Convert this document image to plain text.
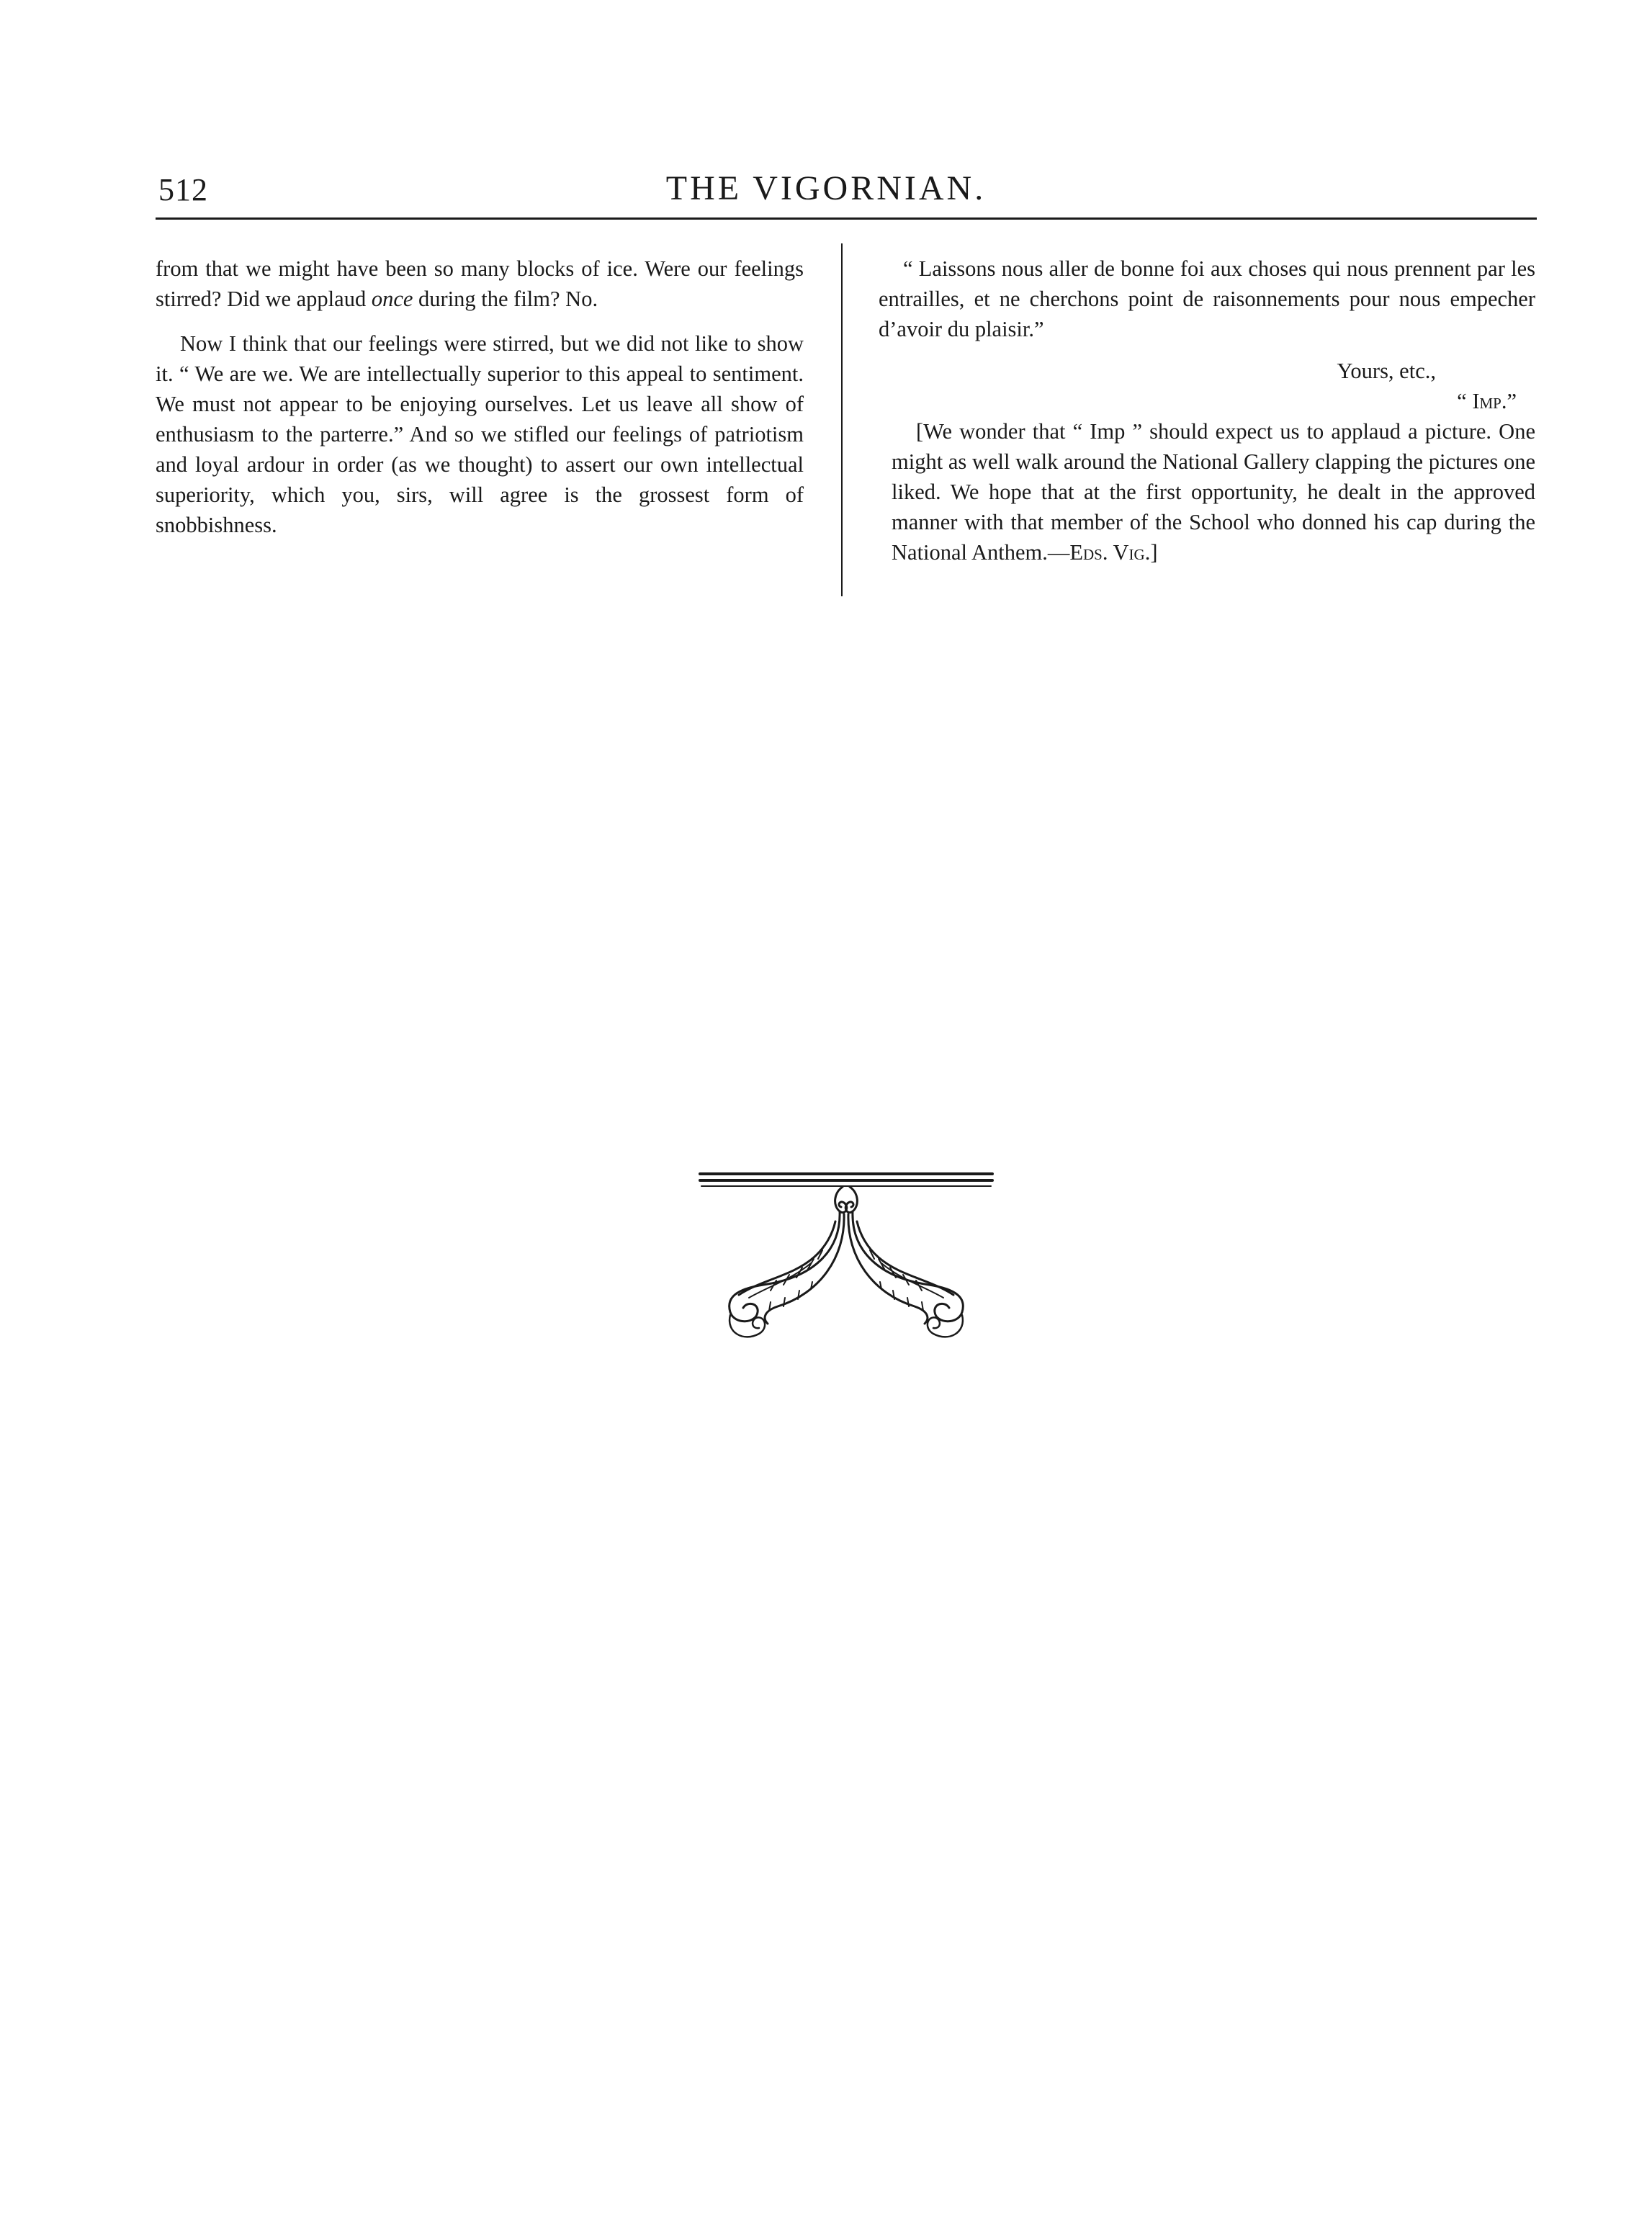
512	THE VIGORNIAN.

from that we might have been so many blocks of ice. Were our feelings stirred? Did we applaud once during the film? No.

Now I think that our feelings were stirred, but we did not like to show it. “ We are we. We are intellectually superior to this appeal to sentiment. We must not appear to be enjoying ourselves. Let us leave all show of enthusiasm to the parterre.” And so we stifled our feelings of patriotism and loyal ardour in order (as we thought) to assert our own intellectual superiority, which you, sirs, will agree is the grossest form of snobbishness.

“ Laissons nous aller de bonne foi aux choses qui nous prennent par les entrailles, et ne cherchons point de raisonnements pour nous empecher d’avoir du plaisir.”

Yours, etc.,
“ Imp.”

[We wonder that “ Imp ” should expect us to applaud a picture. One might as well walk around the National Gallery clapping the pictures one liked. We hope that at the first opportunity, he dealt in the approved manner with that member of the School who donned his cap during the National Anthem.—Eds. Vig.]
